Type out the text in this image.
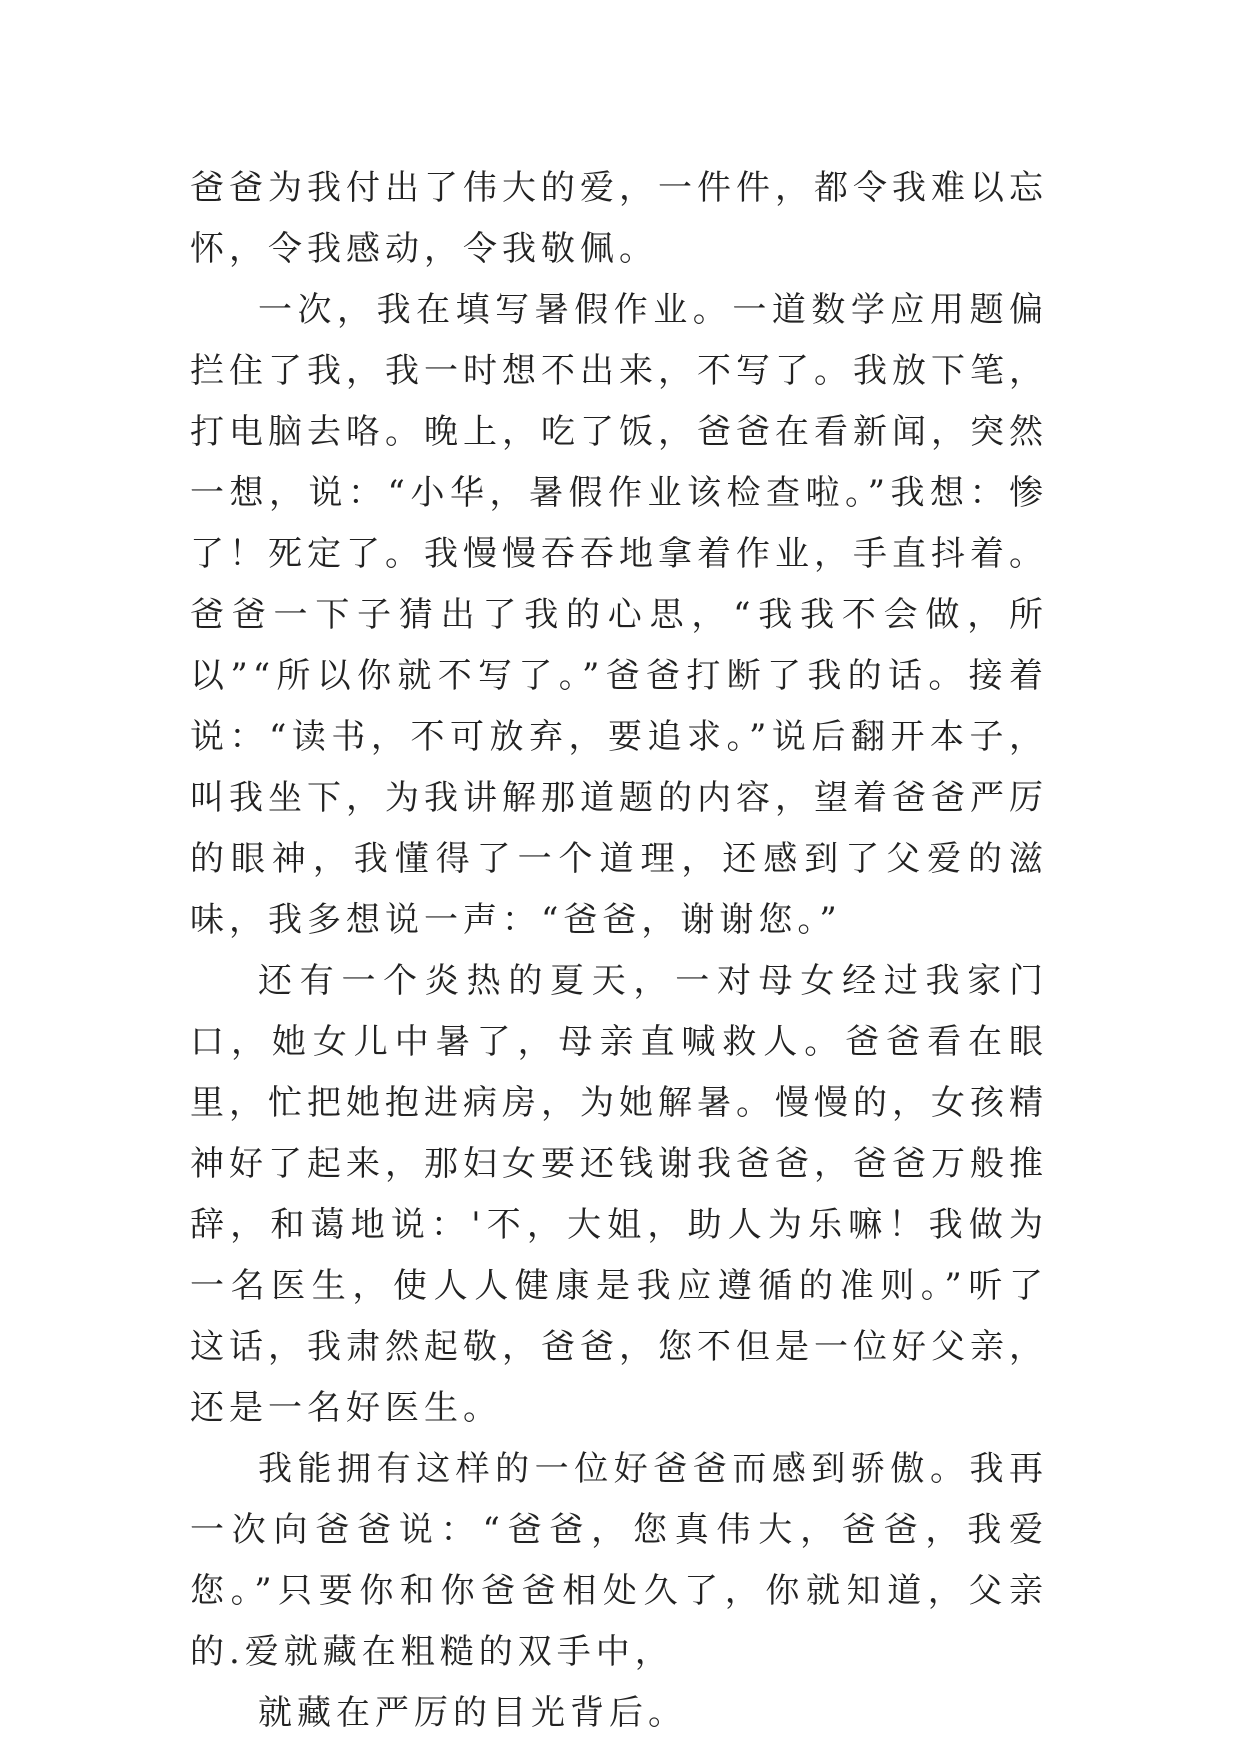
爸爸为我付出了伟大的爱，一件件，都令我难以忘怀，令我感动，令我敬佩。

一次，我在填写暑假作业。一道数学应用题偏拦住了我，我一时想不出来，不写了。我放下笔，打电脑去咯。晚上，吃了饭，爸爸在看新闻，突然一想，说：“小华，暑假作业该检查啦。”我想：惨了！死定了。我慢慢吞吞地拿着作业，手直抖着。爸爸一下子猜出了我的心思，“我我不会做，所以”“所以你就不写了。”爸爸打断了我的话。接着说：“读书，不可放弃，要追求。”说后翻开本子，叫我坐下，为我讲解那道题的内容，望着爸爸严厉的眼神，我懂得了一个道理，还感到了父爱的滋味，我多想说一声：“爸爸，谢谢您。”

还有一个炎热的夏天，一对母女经过我家门口，她女儿中暑了，母亲直喊救人。爸爸看在眼里，忙把她抱进病房，为她解暑。慢慢的，女孩精神好了起来，那妇女要还钱谢我爸爸，爸爸万般推辞，和蔼地说：'不，大姐，助人为乐嘛！我做为一名医生，使人人健康是我应遵循的准则。”听了这话，我肃然起敬，爸爸，您不但是一位好父亲，还是一名好医生。

我能拥有这样的一位好爸爸而感到骄傲。我再一次向爸爸说：“爸爸，您真伟大，爸爸，我爱您。”只要你和你爸爸相处久了，你就知道，父亲的.爱就藏在粗糙的双手中，

就藏在严厉的目光背后。
